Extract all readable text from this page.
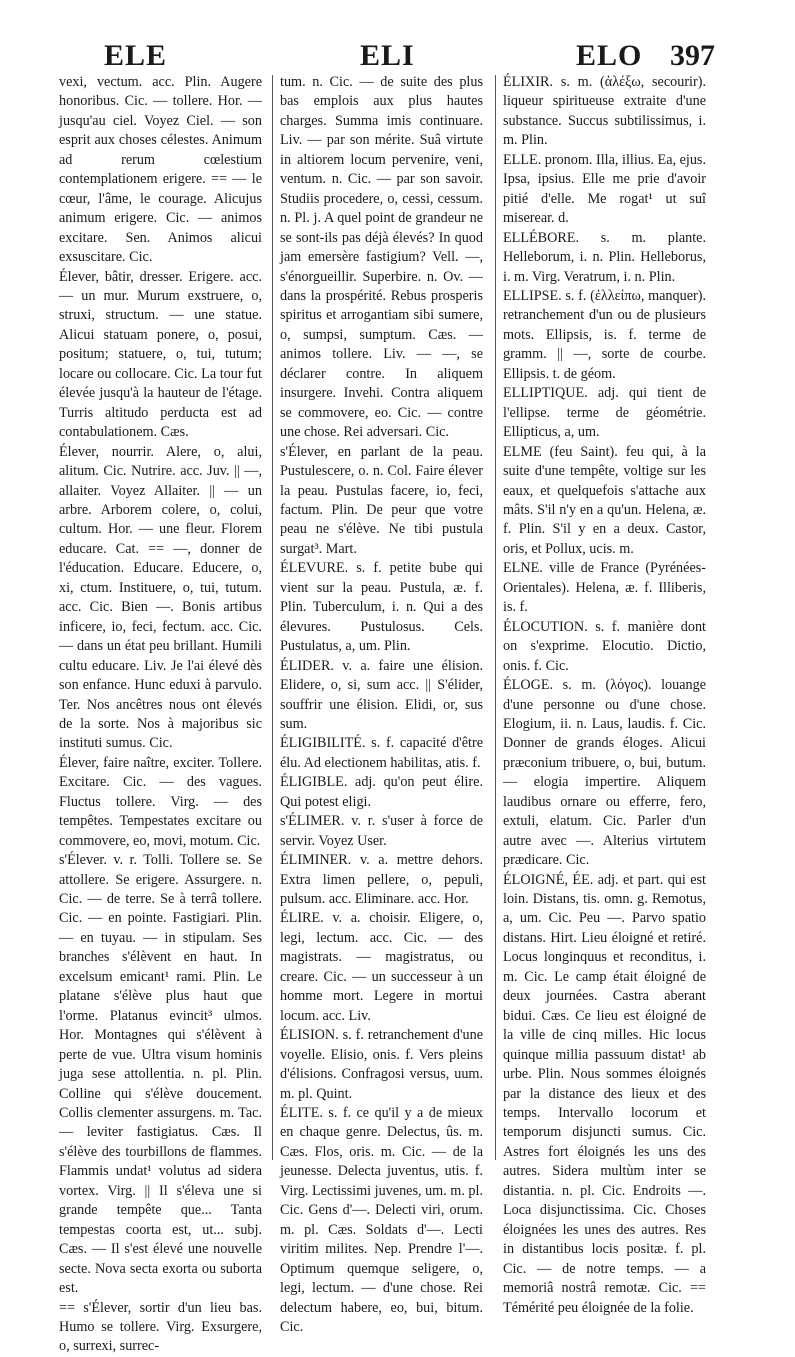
ELE	ELI	ELO 397

vexi, vectum. acc. Plin. Augere honoribus. Cic. — tollere. Hor. — jusqu'au ciel. Voyez Ciel. — son esprit aux choses célestes. Animum ad rerum cœlestium contemplationem erigere. == — le cœur, l'âme, le courage. Alicujus animum erigere. Cic. — animos excitare. Sen. Animos alicui exsuscitare. Cic.

Élever, bâtir, dresser. Erigere. acc. — un mur. Murum exstruere, o, struxi, structum. — une statue. Alicui statuam ponere, o, posui, positum; statuere, o, tui, tutum; locare ou collocare. Cic. La tour fut élevée jusqu'à la hauteur de l'étage. Turris altitudo perducta est ad contabulationem. Cæs.

Élever, nourrir. Alere, o, alui, alitum. Cic. Nutrire. acc. Juv. || —, allaiter. Voyez Allaiter. || — un arbre. Arborem colere, o, colui, cultum. Hor. — une fleur. Florem educare. Cat. == —, donner de l'éducation. Educare. Educere, o, xi, ctum. Instituere, o, tui, tutum. acc. Cic. Bien —. Bonis artibus inficere, io, feci, fectum. acc. Cic. — dans un état peu brillant. Humili cultu educare. Liv. Je l'ai élevé dès son enfance. Hunc eduxi à parvulo. Ter. Nos ancêtres nous ont élevés de la sorte. Nos à majoribus sic instituti sumus. Cic.

Élever, faire naître, exciter. Tollere. Excitare. Cic. — des vagues. Fluctus tollere. Virg. — des tempêtes. Tempestates excitare ou commovere, eo, movi, motum. Cic.

s'Élever. v. r. Tolli. Tollere se. Se attollere. Se erigere. Assurgere. n. Cic. — de terre. Se à terrâ tollere. Cic. — en pointe. Fastigiari. Plin. — en tuyau. — in stipulam. Ses branches s'élèvent en haut. In excelsum emicant¹ rami. Plin. Le platane s'élève plus haut que l'orme. Platanus evincit³ ulmos. Hor. Montagnes qui s'élèvent à perte de vue. Ultra visum hominis juga sese attollentia. n. pl. Plin. Colline qui s'élève doucement. Collis clementer assurgens. m. Tac. — leviter fastigiatus. Cæs. Il s'élève des tourbillons de flammes. Flammis undat¹ volutus ad sidera vortex. Virg. || Il s'éleva une si grande tempête que... Tanta tempestas coorta est, ut... subj. Cæs. — Il s'est élevé une nouvelle secte. Nova secta exorta ou suborta est.

== s'Élever, sortir d'un lieu bas. Humo se tollere. Virg. Exsurgere, o, surrexi, surrec-

tum. n. Cic. — de suite des plus bas emplois aux plus hautes charges. Summa imis continuare. Liv. — par son mérite. Suâ virtute in altiorem locum pervenire, veni, ventum. n. Cic. — par son savoir. Studiis procedere, o, cessi, cessum. n. Pl. j. A quel point de grandeur ne se sont-ils pas déjà élevés? In quod jam emersère fastigium? Vell. —, s'énorgueillir. Superbire. n. Ov. — dans la prospérité. Rebus prosperis spiritus et arrogantiam sibi sumere, o, sumpsi, sumptum. Cæs. — animos tollere. Liv. — —, se déclarer contre. In aliquem insurgere. Invehi. Contra aliquem se commovere, eo. Cic. — contre une chose. Rei adversari. Cic.

s'Élever, en parlant de la peau. Pustulescere, o. n. Col. Faire élever la peau. Pustulas facere, io, feci, factum. Plin. De peur que votre peau ne s'élève. Ne tibi pustula surgat³. Mart.

ÉLEVURE. s. f. petite bube qui vient sur la peau. Pustula, æ. f. Plin. Tuberculum, i. n. Qui a des élevures. Pustulosus. Cels. Pustulatus, a, um. Plin.

ÉLIDER. v. a. faire une élision. Elidere, o, si, sum acc. || S'élider, souffrir une élision. Elidi, or, sus sum.

ÉLIGIBILITÉ. s. f. capacité d'être élu. Ad electionem habilitas, atis. f.

ÉLIGIBLE. adj. qu'on peut élire. Qui potest eligi.

s'ÉLIMER. v. r. s'user à force de servir. Voyez User.

ÉLIMINER. v. a. mettre dehors. Extra limen pellere, o, pepuli, pulsum. acc. Eliminare. acc. Hor.

ÉLIRE. v. a. choisir. Eligere, o, legi, lectum. acc. Cic. — des magistrats. — magistratus, ou creare. Cic. — un successeur à un homme mort. Legere in mortui locum. acc. Liv.

ÉLISION. s. f. retranchement d'une voyelle. Elisio, onis. f. Vers pleins d'élisions. Confragosi versus, uum. m. pl. Quint.

ÉLITE. s. f. ce qu'il y a de mieux en chaque genre. Delectus, ûs. m. Cæs. Flos, oris. m. Cic. — de la jeunesse. Delecta juventus, utis. f. Virg. Lectissimi juvenes, um. m. pl. Cic. Gens d'—. Delecti viri, orum. m. pl. Cæs. Soldats d'—. Lecti viritim milites. Nep. Prendre l'—. Optimum quemque seligere, o, legi, lectum. — d'une chose. Rei delectum habere, eo, bui, bitum. Cic.

ÉLIXIR. s. m. (ἀλέξω, secourir). liqueur spiritueuse extraite d'une substance. Succus subtilissimus, i. m. Plin.

ELLE. pronom. Illa, illius. Ea, ejus. Ipsa, ipsius. Elle me prie d'avoir pitié d'elle. Me rogat¹ ut suî miserear. d.

ELLÉBORE. s. m. plante. Helleborum, i. n. Plin. Helleborus, i. m. Virg. Veratrum, i. n. Plin.

ELLIPSE. s. f. (ἐλλείπω, manquer). retranchement d'un ou de plusieurs mots. Ellipsis, is. f. terme de gramm. || —, sorte de courbe. Ellipsis. t. de géom.

ELLIPTIQUE. adj. qui tient de l'ellipse. terme de géométrie. Ellipticus, a, um.

ELME (feu Saint). feu qui, à la suite d'une tempête, voltige sur les eaux, et quelquefois s'attache aux mâts. S'il n'y en a qu'un. Helena, æ. f. Plin. S'il y en a deux. Castor, oris, et Pollux, ucis. m.

ELNE. ville de France (Pyrénées-Orientales). Helena, æ. f. Illiberis, is. f.

ÉLOCUTION. s. f. manière dont on s'exprime. Elocutio. Dictio, onis. f. Cic.

ÉLOGE. s. m. (λόγος). louange d'une personne ou d'une chose. Elogium, ii. n. Laus, laudis. f. Cic. Donner de grands éloges. Alicui præconium tribuere, o, bui, butum. — elogia impertire. Aliquem laudibus ornare ou efferre, fero, extuli, elatum. Cic. Parler d'un autre avec —. Alterius virtutem prædicare. Cic.

ÉLOIGNÉ, ÉE. adj. et part. qui est loin. Distans, tis. omn. g. Remotus, a, um. Cic. Peu —. Parvo spatio distans. Hirt. Lieu éloigné et retiré. Locus longinquus et reconditus, i. m. Cic. Le camp était éloigné de deux journées. Castra aberant bidui. Cæs. Ce lieu est éloigné de la ville de cinq milles. Hic locus quinque millia passuum distat¹ ab urbe. Plin. Nous sommes éloignés par la distance des lieux et des temps. Intervallo locorum et temporum disjuncti sumus. Cic. Astres fort éloignés les uns des autres. Sidera multùm inter se distantia. n. pl. Cic. Endroits —. Loca disjunctissima. Cic. Choses éloignées les unes des autres. Res in distantibus locis positæ. f. pl. Cic. — de notre temps. — a memoriâ nostrâ remotæ. Cic. == Témérité peu éloignée de la folie.
